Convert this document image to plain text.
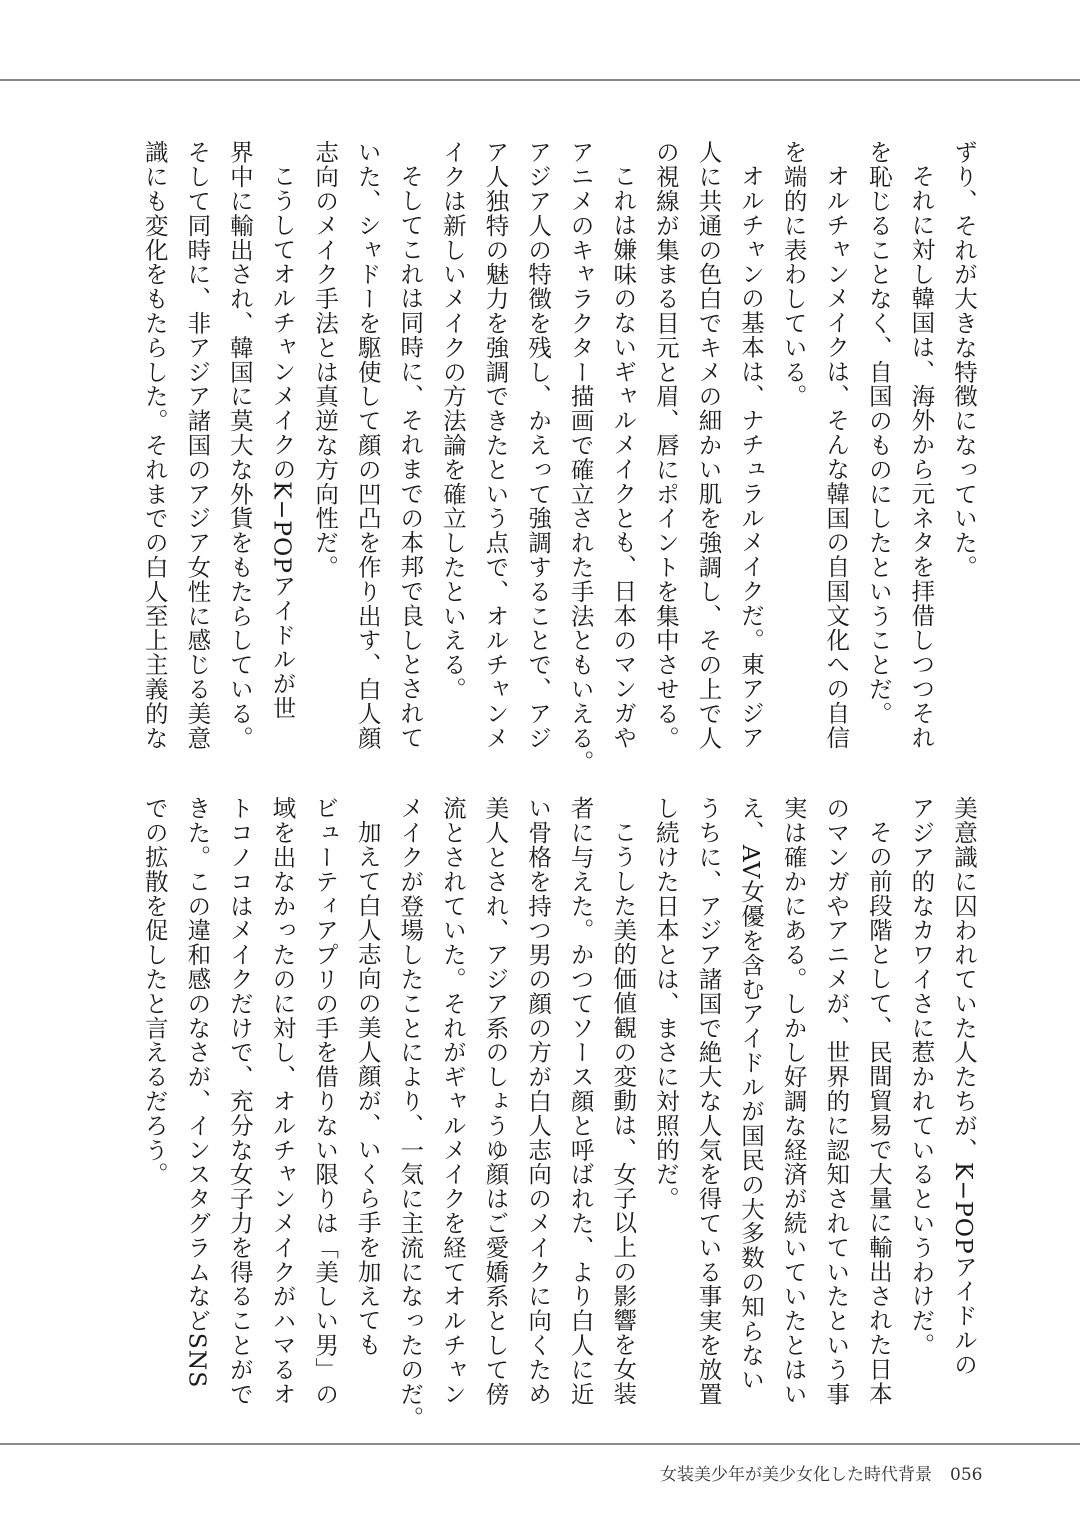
ずり、それが大きな特徴になっていた。
それに対し韓国は、海外から元ネタを拝借しつつそれ
を恥じることなく、自国のものにしたということだ。
オルチャンメイクは、そんな韓国の自国文化への自信
を端的に表わしている。
オルチャンの基本は、ナチュラルメイクだ。東アジア
人に共通の色白でキメの細かい肌を強調し、その上で人
の視線が集まる目元と眉、唇にポイントを集中させる。
これは嫌味のないギャルメイクとも、日本のマンガや
アニメのキャラクター描画で確立された手法ともいえる。
アジア人の特徴を残し、かえって強調することで、アジ
ア人独特の魅力を強調できたという点で、オルチャンメ
イクは新しいメイクの方法論を確立したといえる。
そしてこれは同時に、それまでの本邦で良しとされて
いた、シャドーを駆使して顔の凹凸を作り出す、白人顔
志向のメイク手法とは真逆な方向性だ。
こうしてオルチャンメイクのK−POPアイドルが世
界中に輸出され、韓国に莫大な外貨をもたらしている。
そして同時に、非アジア諸国のアジア女性に感じる美意
識にも変化をもたらした。それまでの白人至上主義的な
美意識に囚われていた人たちが、K−POPアイドルの
アジア的なカワイさに惹かれているというわけだ。
その前段階として、民間貿易で大量に輸出された日本
のマンガやアニメが、世界的に認知されていたという事
実は確かにある。しかし好調な経済が続いていたとはい
え、AV女優を含むアイドルが国民の大多数の知らない
うちに、アジア諸国で絶大な人気を得ている事実を放置
し続けた日本とは、まさに対照的だ。
こうした美的価値観の変動は、女子以上の影響を女装
者に与えた。かつてソース顔と呼ばれた、より白人に近
い骨格を持つ男の顔の方が白人志向のメイクに向くため
美人とされ、アジア系のしょうゆ顔はご愛嬌系として傍
流とされていた。それがギャルメイクを経てオルチャン
メイクが登場したことにより、一気に主流になったのだ。
加えて白人志向の美人顔が、いくら手を加えても
ビューティアプリの手を借りない限りは「美しい男」の
域を出なかったのに対し、オルチャンメイクがハマるオ
トコノコはメイクだけで、充分な女子力を得ることがで
きた。この違和感のなさが、インスタグラムなどSNS
での拡散を促したと言えるだろう。
女装美少年が美少女化した時代背景 056
